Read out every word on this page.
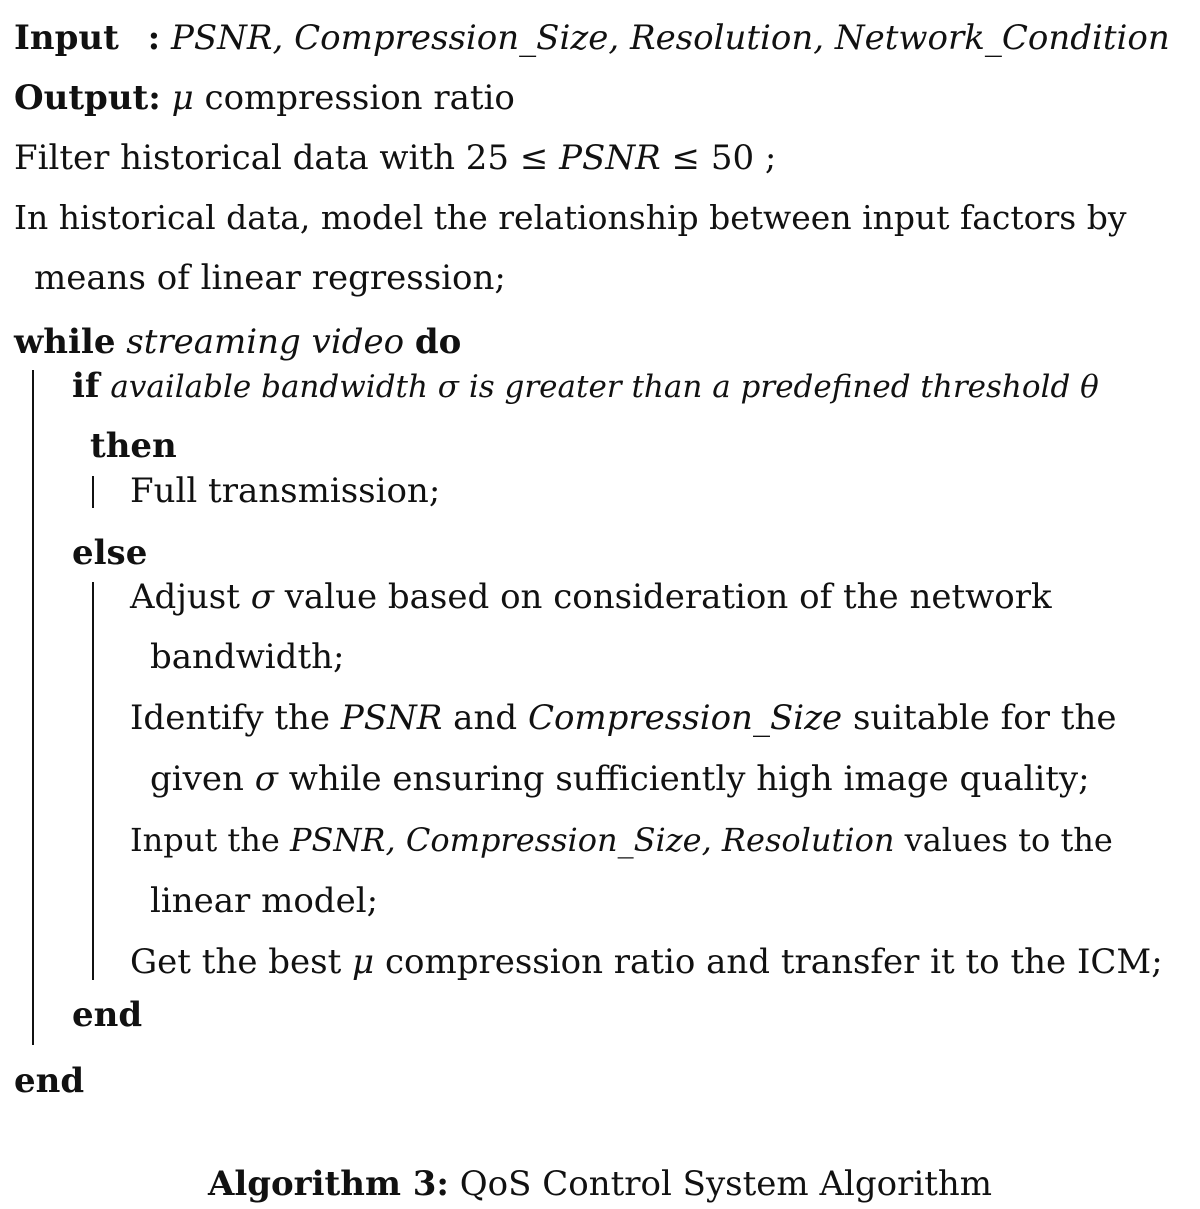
Input : PSNR, Compression_Size, Resolution, Network_Condition
Output: μ compression ratio
Filter historical data with 25 ≤ PSNR ≤ 50 ;
In historical data, model the relationship between input factors by
means of linear regression;
while streaming video do
if available bandwidth σ is greater than a predefined threshold θ
then
Full transmission;
else
Adjust σ value based on consideration of the network
bandwidth;
Identify the PSNR and Compression_Size suitable for the
given σ while ensuring sufficiently high image quality;
Input the PSNR, Compression_Size, Resolution values to the
linear model;
Get the best μ compression ratio and transfer it to the ICM;
end
end
Algorithm 3: QoS Control System Algorithm
